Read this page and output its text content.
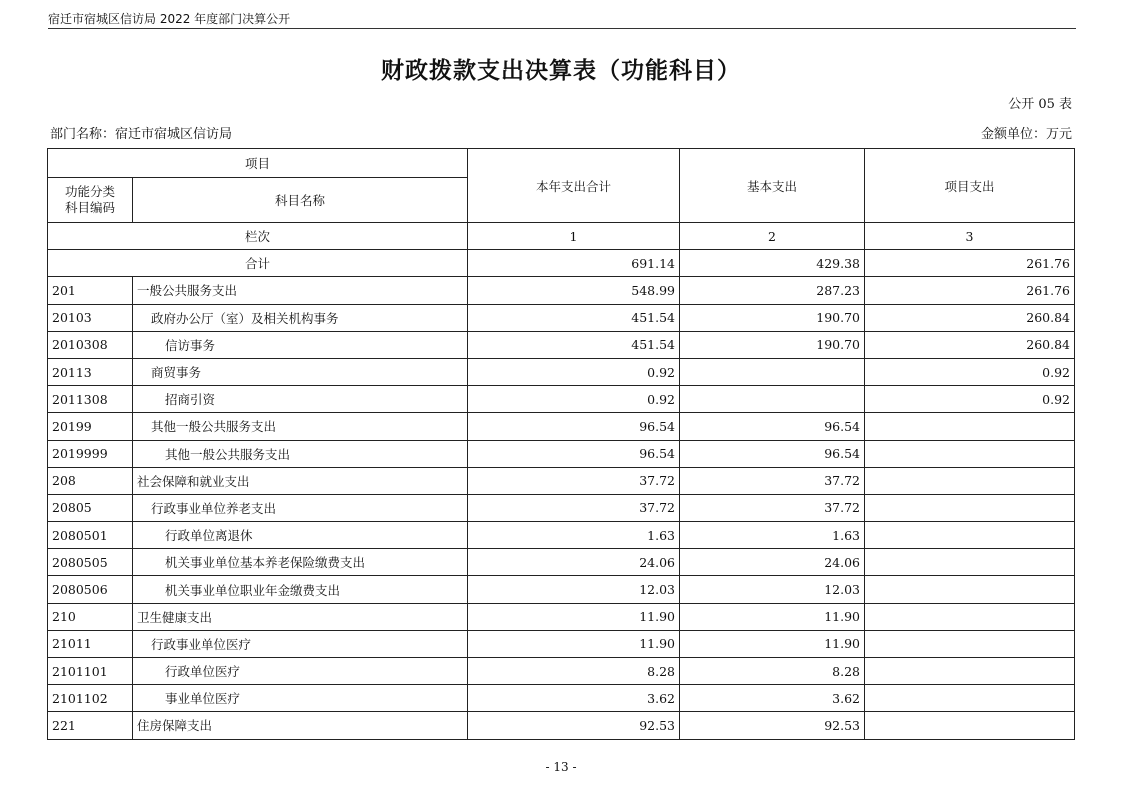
宿迁市宿城区信访局 2022 年度部门决算公开
财政拨款支出决算表（功能科目）
公开 05 表
部门名称：宿迁市宿城区信访局	金额单位：万元
项目		本年支出合计	基本支出	项目支出
功能分类
科目编码	科目名称			
栏次		1	2	3
合计		691.14	429.38	261.76
201	一般公共服务支出	548.99	287.23	261.76
20103	政府办公厅（室）及相关机构事务	451.54	190.70	260.84
2010308	信访事务	451.54	190.70	260.84
20113	商贸事务	0.92		0.92
2011308	招商引资	0.92		0.92
20199	其他一般公共服务支出	96.54	96.54	
2019999	其他一般公共服务支出	96.54	96.54	
208	社会保障和就业支出	37.72	37.72	
20805	行政事业单位养老支出	37.72	37.72	
2080501	行政单位离退休	1.63	1.63	
2080505	机关事业单位基本养老保险缴费支出	24.06	24.06	
2080506	机关事业单位职业年金缴费支出	12.03	12.03	
210	卫生健康支出	11.90	11.90	
21011	行政事业单位医疗	11.90	11.90	
2101101	行政单位医疗	8.28	8.28	
2101102	事业单位医疗	3.62	3.62	
221	住房保障支出	92.53	92.53	
- 13 -
